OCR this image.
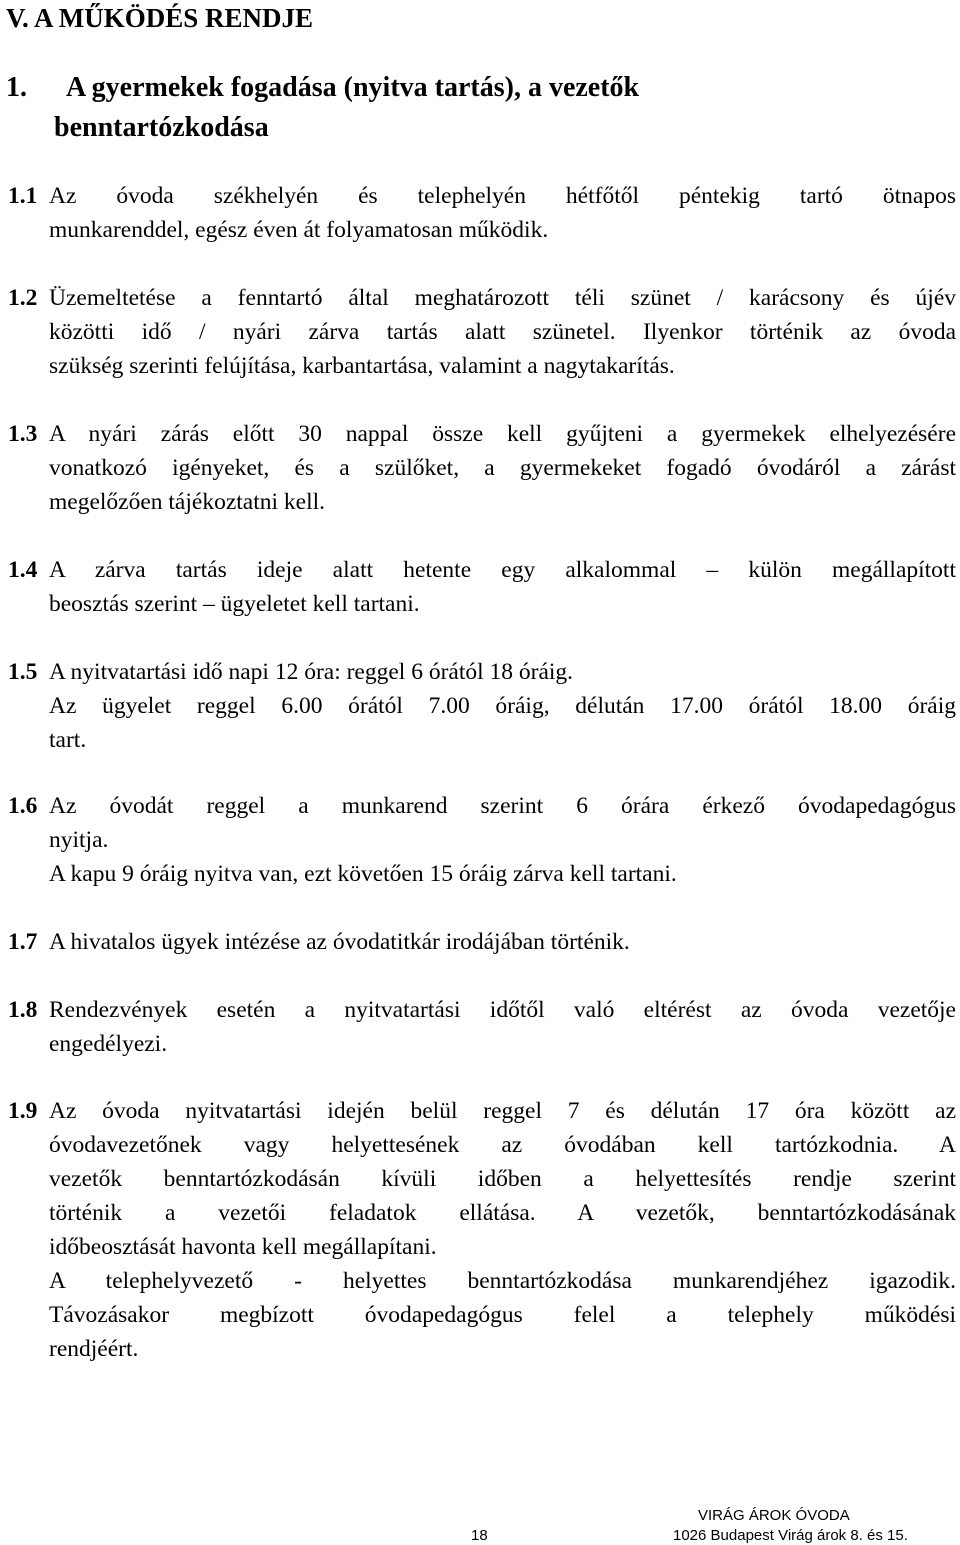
V. A MŰKÖDÉS RENDJE
1. A gyermekek fogadása (nyitva tartás), a vezetők
benntartózkodása
1.1 Az óvoda székhelyén és telephelyén hétfőtől péntekig tartó ötnapos
munkarenddel, egész éven át folyamatosan működik.
1.2 Üzemeltetése a fenntartó által meghatározott téli szünet / karácsony és újév
közötti idő / nyári zárva tartás alatt szünetel. Ilyenkor történik az óvoda
szükség szerinti felújítása, karbantartása, valamint a nagytakarítás.
1.3 A nyári zárás előtt 30 nappal össze kell gyűjteni a gyermekek elhelyezésére
vonatkozó igényeket, és a szülőket, a gyermekeket fogadó óvodáról a zárást
megelőzően tájékoztatni kell.
1.4 A zárva tartás ideje alatt hetente egy alkalommal – külön megállapított
beosztás szerint – ügyeletet kell tartani.
1.5 A nyitvatartási idő napi 12 óra: reggel 6 órától 18 óráig.
Az ügyelet reggel 6.00 órától 7.00 óráig, délután 17.00 órától 18.00 óráig
tart.
1.6 Az óvodát reggel a munkarend szerint 6 órára érkező óvodapedagógus
nyitja.
A kapu 9 óráig nyitva van, ezt követően 15 óráig zárva kell tartani.
1.7 A hivatalos ügyek intézése az óvodatitkár irodájában történik.
1.8 Rendezvények esetén a nyitvatartási időtől való eltérést az óvoda vezetője
engedélyezi.
1.9 Az óvoda nyitvatartási idején belül reggel 7 és délután 17 óra között az
óvodavezetőnek vagy helyettesének az óvodában kell tartózkodnia. A
vezetők benntartózkodásán kívüli időben a helyettesítés rendje szerint
történik a vezetői feladatok ellátása. A vezetők, benntartózkodásának
időbeosztását havonta kell megállapítani.
A telephelyvezető - helyettes benntartózkodása munkarendjéhez igazodik.
Távozásakor megbízott óvodapedagógus felel a telephely működési
rendjéért.
18
VIRÁG ÁROK ÓVODA
1026 Budapest Virág árok 8. és 15.
